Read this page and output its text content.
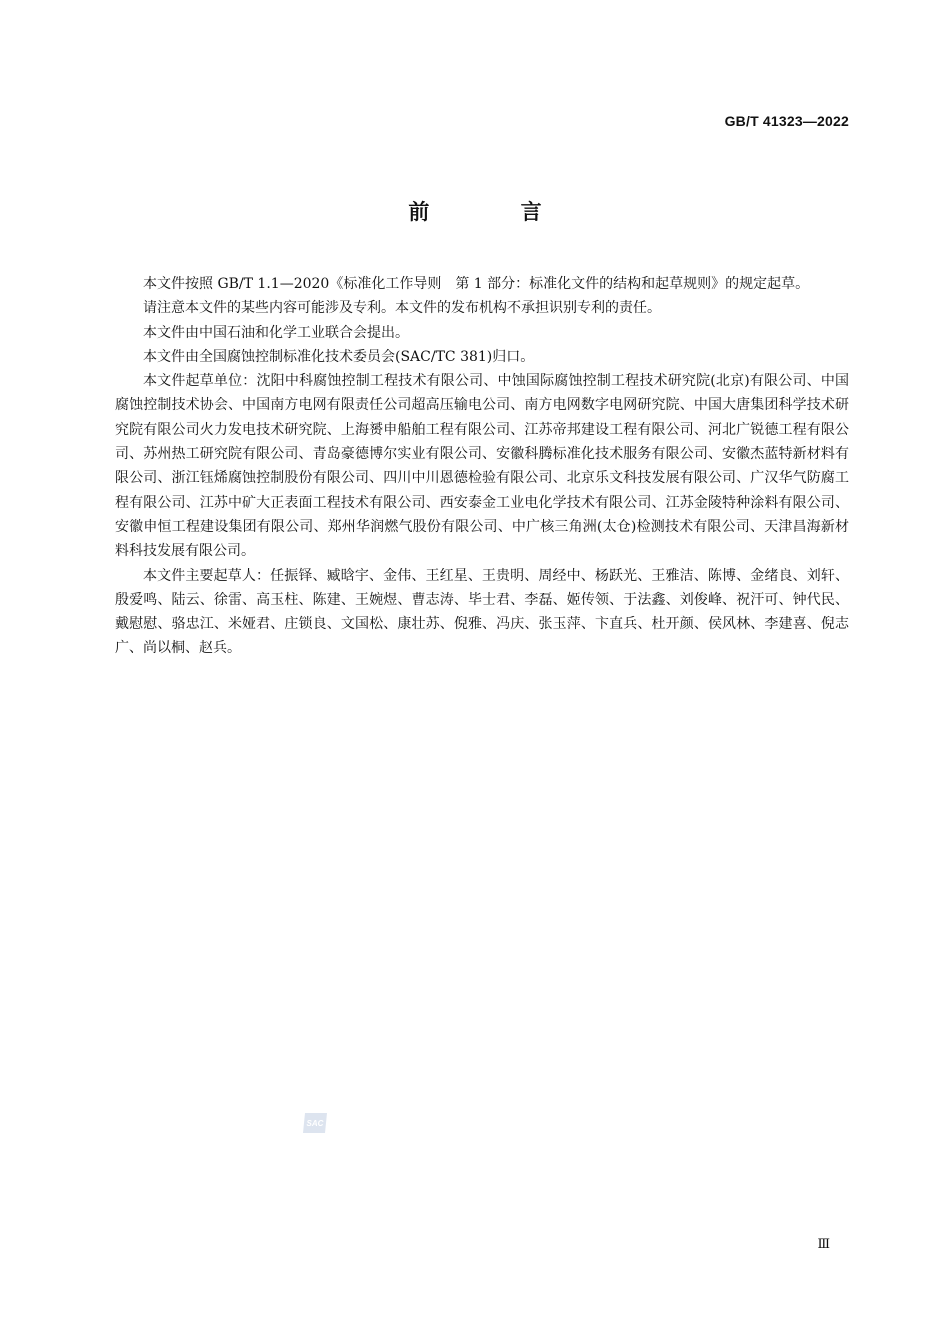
GB/T 41323—2022
前 言

本文件按照 GB/T 1.1—2020《标准化工作导则　第 1 部分：标准化文件的结构和起草规则》的规定起草。

请注意本文件的某些内容可能涉及专利。本文件的发布机构不承担识别专利的责任。

本文件由中国石油和化学工业联合会提出。

本文件由全国腐蚀控制标准化技术委员会(SAC/TC 381)归口。

本文件起草单位：沈阳中科腐蚀控制工程技术有限公司、中蚀国际腐蚀控制工程技术研究院(北京)有限公司、中国腐蚀控制技术协会、中国南方电网有限责任公司超高压输电公司、南方电网数字电网研究院、中国大唐集团科学技术研究院有限公司火力发电技术研究院、上海赟申船舶工程有限公司、江苏帝邦建设工程有限公司、河北广锐德工程有限公司、苏州热工研究院有限公司、青岛豪德博尔实业有限公司、安徽科腾标准化技术服务有限公司、安徽杰蓝特新材料有限公司、浙江钰烯腐蚀控制股份有限公司、四川中川恩德检验有限公司、北京乐文科技发展有限公司、广汉华气防腐工程有限公司、江苏中矿大正表面工程技术有限公司、西安泰金工业电化学技术有限公司、江苏金陵特种涂料有限公司、安徽申恒工程建设集团有限公司、郑州华润燃气股份有限公司、中广核三角洲(太仓)检测技术有限公司、天津昌海新材料科技发展有限公司。

本文件主要起草人：任振铎、臧晗宇、金伟、王红星、王贵明、周经中、杨跃光、王雅洁、陈博、金绪良、刘轩、殷爱鸣、陆云、徐雷、高玉柱、陈建、王婉煜、曹志涛、毕士君、李磊、姬传领、于法鑫、刘俊峰、祝汗可、钟代民、戴慰慰、骆忠江、米娅君、庄锁良、文国松、康壮苏、倪雅、冯庆、张玉萍、卞直兵、杜开颜、侯风林、李建喜、倪志广、尚以桐、赵兵。

SAC
Ⅲ
